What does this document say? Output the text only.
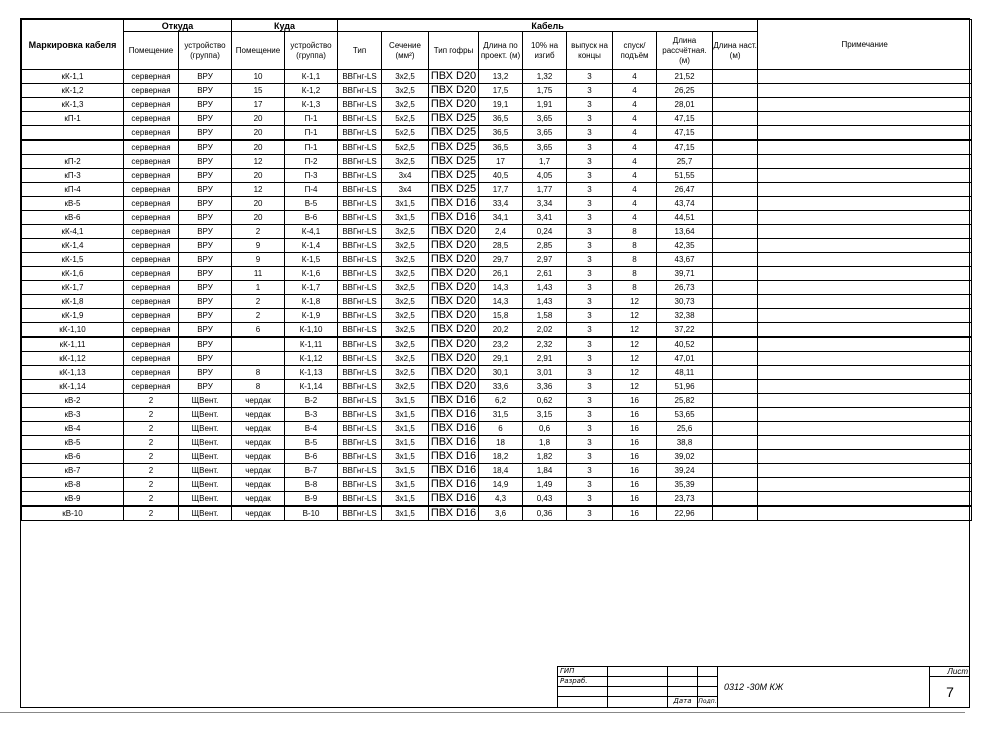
Маркировка кабеля	Откуда		Куда		Кабель									Примечание
	Помещение	устройство (группа)	Помещение	устройство (группа)	Тип	Сечение (мм²)	Тип гофры	Длина по проект. (м)	10% на изгиб	выпуск на концы	спуск/подъём	Длина рассчётная. (м)	Длина наст. (м)	
кК-1,1	серверная	ВРУ	10	К-1,1	ВВГнг-LS	3х2,5	ПВХ D20	13,2	1,32	3	4	21,52		
кК-1,2	серверная	ВРУ	15	К-1,2	ВВГнг-LS	3х2,5	ПВХ D20	17,5	1,75	3	4	26,25		
кК-1,3	серверная	ВРУ	17	К-1,3	ВВГнг-LS	3х2,5	ПВХ D20	19,1	1,91	3	4	28,01		
кП-1	серверная	ВРУ	20	П-1	ВВГнг-LS	5х2,5	ПВХ D25	36,5	3,65	3	4	47,15		
	серверная	ВРУ	20	П-1	ВВГнг-LS	5х2,5	ПВХ D25	36,5	3,65	3	4	47,15		
	серверная	ВРУ	20	П-1	ВВГнг-LS	5х2,5	ПВХ D25	36,5	3,65	3	4	47,15		
кП-2	серверная	ВРУ	12	П-2	ВВГнг-LS	3х2,5	ПВХ D25	17	1,7	3	4	25,7		
кП-3	серверная	ВРУ	20	П-3	ВВГнг-LS	3х4	ПВХ D25	40,5	4,05	3	4	51,55		
кП-4	серверная	ВРУ	12	П-4	ВВГнг-LS	3х4	ПВХ D25	17,7	1,77	3	4	26,47		
кВ-5	серверная	ВРУ	20	В-5	ВВГнг-LS	3х1,5	ПВХ D16	33,4	3,34	3	4	43,74		
кВ-6	серверная	ВРУ	20	В-6	ВВГнг-LS	3х1,5	ПВХ D16	34,1	3,41	3	4	44,51		
кК-4,1	серверная	ВРУ	2	К-4,1	ВВГнг-LS	3х2,5	ПВХ D20	2,4	0,24	3	8	13,64		
кК-1,4	серверная	ВРУ	9	К-1,4	ВВГнг-LS	3х2,5	ПВХ D20	28,5	2,85	3	8	42,35		
кК-1,5	серверная	ВРУ	9	К-1,5	ВВГнг-LS	3х2,5	ПВХ D20	29,7	2,97	3	8	43,67		
кК-1,6	серверная	ВРУ	11	К-1,6	ВВГнг-LS	3х2,5	ПВХ D20	26,1	2,61	3	8	39,71		
кК-1,7	серверная	ВРУ	1	К-1,7	ВВГнг-LS	3х2,5	ПВХ D20	14,3	1,43	3	8	26,73		
кК-1,8	серверная	ВРУ	2	К-1,8	ВВГнг-LS	3х2,5	ПВХ D20	14,3	1,43	3	12	30,73		
кК-1,9	серверная	ВРУ	2	К-1,9	ВВГнг-LS	3х2,5	ПВХ D20	15,8	1,58	3	12	32,38		
кК-1,10	серверная	ВРУ	6	К-1,10	ВВГнг-LS	3х2,5	ПВХ D20	20,2	2,02	3	12	37,22		
кК-1,11	серверная	ВРУ		К-1,11	ВВГнг-LS	3х2,5	ПВХ D20	23,2	2,32	3	12	40,52		
кК-1,12	серверная	ВРУ		К-1,12	ВВГнг-LS	3х2,5	ПВХ D20	29,1	2,91	3	12	47,01		
кК-1,13	серверная	ВРУ	8	К-1,13	ВВГнг-LS	3х2,5	ПВХ D20	30,1	3,01	3	12	48,11		
кК-1,14	серверная	ВРУ	8	К-1,14	ВВГнг-LS	3х2,5	ПВХ D20	33,6	3,36	3	12	51,96		
кВ-2	2	ЩВент.	чердак	В-2	ВВГнг-LS	3х1,5	ПВХ D16	6,2	0,62	3	16	25,82		
кВ-3	2	ЩВент.	чердак	В-3	ВВГнг-LS	3х1,5	ПВХ D16	31,5	3,15	3	16	53,65		
кВ-4	2	ЩВент.	чердак	В-4	ВВГнг-LS	3х1,5	ПВХ D16	6	0,6	3	16	25,6		
кВ-5	2	ЩВент.	чердак	В-5	ВВГнг-LS	3х1,5	ПВХ D16	18	1,8	3	16	38,8		
кВ-6	2	ЩВент.	чердак	В-6	ВВГнг-LS	3х1,5	ПВХ D16	18,2	1,82	3	16	39,02		
кВ-7	2	ЩВент.	чердак	В-7	ВВГнг-LS	3х1,5	ПВХ D16	18,4	1,84	3	16	39,24		
кВ-8	2	ЩВент.	чердак	В-8	ВВГнг-LS	3х1,5	ПВХ D16	14,9	1,49	3	16	35,39		
кВ-9	2	ЩВент.	чердак	В-9	ВВГнг-LS	3х1,5	ПВХ D16	4,3	0,43	3	16	23,73		
кВ-10	2	ЩВент.	чердак	В-10	ВВГнг-LS	3х1,5	ПВХ D16	3,6	0,36	3	16	22,96		

ГИП
Разраб.
Дата	Подп.
0312 -30М КЖ
Лист
7
